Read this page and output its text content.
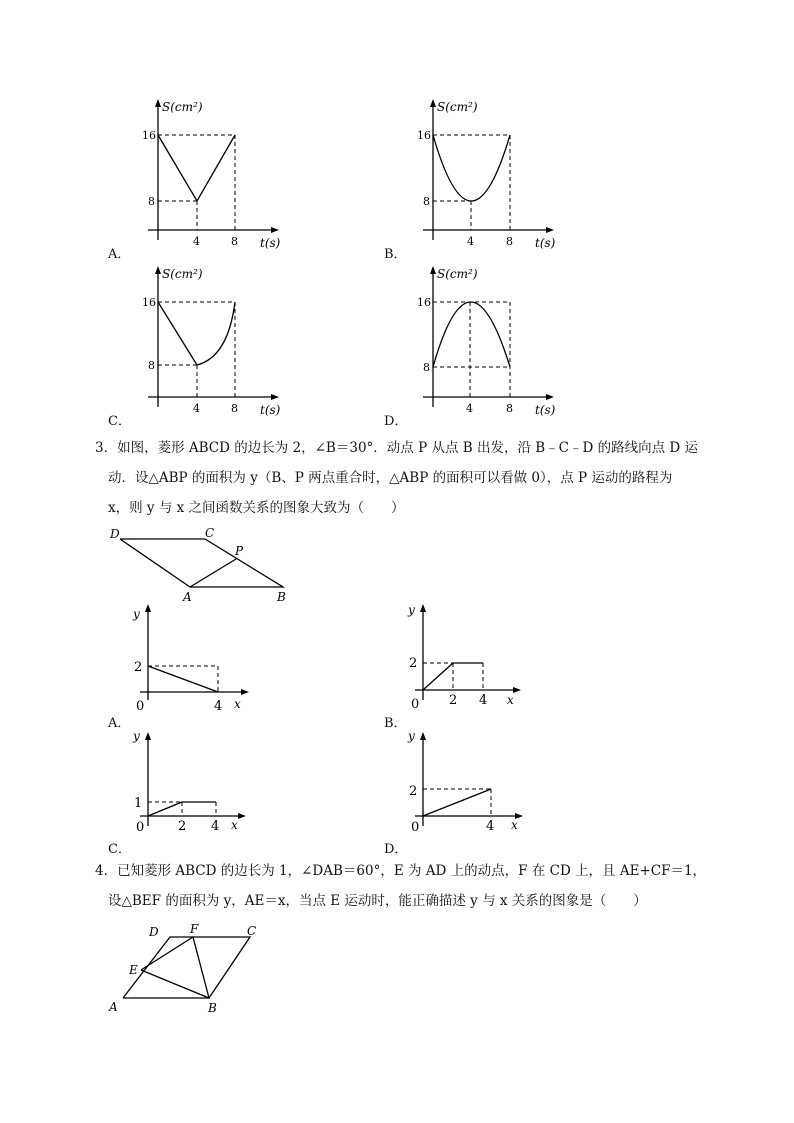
A．
S(cm²)
t(s)
16
8
4	8
B．
S(cm²)
t(s)
16
8
4	8
C．
S(cm²)
t(s)
16
8
4	8
D．
S(cm²)
t(s)
16
8
4	8
3．如图，菱形 ABCD 的边长为 2，∠B＝30°．动点 P 从点 B 出发，沿 B﹣C﹣D 的路线向点 D 运
动．设△ABP 的面积为 y（B、P 两点重合时，△ABP 的面积可以看做 0），点 P 运动的路程为
x，则 y 与 x 之间函数关系的图象大致为（　　）
D	C
P
A	B
A．
y
x
0
2
4
B．
y
x
0
2
2 4
C．
y
x
0
1
2 4
D．
y
x
0
2
4
4．已知菱形 ABCD 的边长为 1，∠DAB＝60°，E 为 AD 上的动点，F 在 CD 上，且 AE+CF＝1，
设△BEF 的面积为 y，AE＝x，当点 E 运动时，能正确描述 y 与 x 关系的图象是（　　）
D	F	C
E
A	B
